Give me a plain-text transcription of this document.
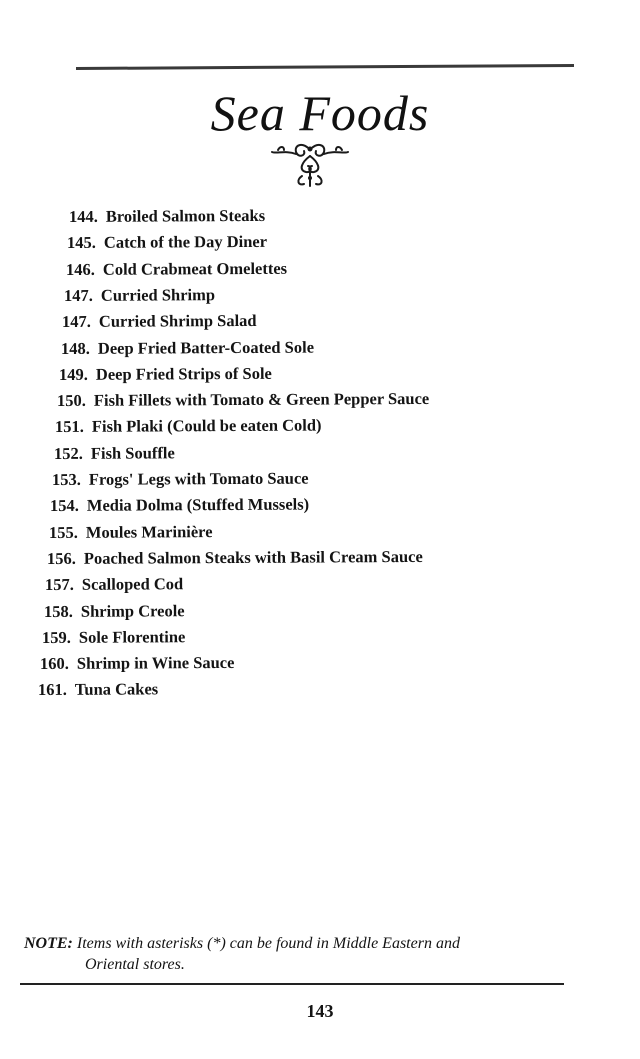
Sea Foods
144. Broiled Salmon Steaks
145. Catch of the Day Diner
146. Cold Crabmeat Omelettes
147. Curried Shrimp
147. Curried Shrimp Salad
148. Deep Fried Batter-Coated Sole
149. Deep Fried Strips of Sole
150. Fish Fillets with Tomato & Green Pepper Sauce
151. Fish Plaki (Could be eaten Cold)
152. Fish Souffle
153. Frogs' Legs with Tomato Sauce
154. Media Dolma (Stuffed Mussels)
155. Moules Marinière
156. Poached Salmon Steaks with Basil Cream Sauce
157. Scalloped Cod
158. Shrimp Creole
159. Sole Florentine
160. Shrimp in Wine Sauce
161. Tuna Cakes
NOTE: Items with asterisks (*) can be found in Middle Eastern and
Oriental stores.
143
